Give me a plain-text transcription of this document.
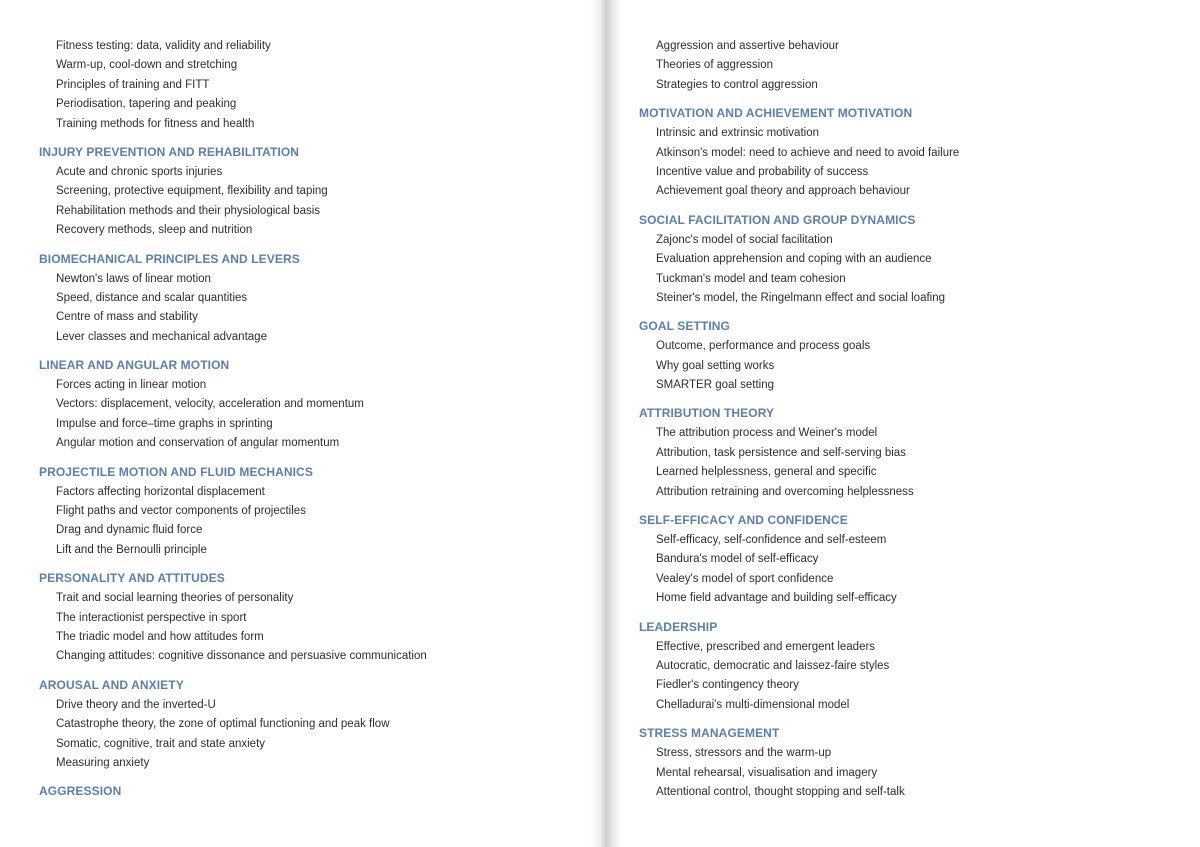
Fitness testing: data, validity and reliability
Warm-up, cool-down and stretching
Principles of training and FITT
Periodisation, tapering and peaking
Training methods for fitness and health
INJURY PREVENTION AND REHABILITATION
Acute and chronic sports injuries
Screening, protective equipment, flexibility and taping
Rehabilitation methods and their physiological basis
Recovery methods, sleep and nutrition
BIOMECHANICAL PRINCIPLES AND LEVERS
Newton's laws of linear motion
Speed, distance and scalar quantities
Centre of mass and stability
Lever classes and mechanical advantage
LINEAR AND ANGULAR MOTION
Forces acting in linear motion
Vectors: displacement, velocity, acceleration and momentum
Impulse and force–time graphs in sprinting
Angular motion and conservation of angular momentum
PROJECTILE MOTION AND FLUID MECHANICS
Factors affecting horizontal displacement
Flight paths and vector components of projectiles
Drag and dynamic fluid force
Lift and the Bernoulli principle
PERSONALITY AND ATTITUDES
Trait and social learning theories of personality
The interactionist perspective in sport
The triadic model and how attitudes form
Changing attitudes: cognitive dissonance and persuasive communication
AROUSAL AND ANXIETY
Drive theory and the inverted-U
Catastrophe theory, the zone of optimal functioning and peak flow
Somatic, cognitive, trait and state anxiety
Measuring anxiety
AGGRESSION
Aggression and assertive behaviour
Theories of aggression
Strategies to control aggression
MOTIVATION AND ACHIEVEMENT MOTIVATION
Intrinsic and extrinsic motivation
Atkinson's model: need to achieve and need to avoid failure
Incentive value and probability of success
Achievement goal theory and approach behaviour
SOCIAL FACILITATION AND GROUP DYNAMICS
Zajonc's model of social facilitation
Evaluation apprehension and coping with an audience
Tuckman's model and team cohesion
Steiner's model, the Ringelmann effect and social loafing
GOAL SETTING
Outcome, performance and process goals
Why goal setting works
SMARTER goal setting
ATTRIBUTION THEORY
The attribution process and Weiner's model
Attribution, task persistence and self-serving bias
Learned helplessness, general and specific
Attribution retraining and overcoming helplessness
SELF-EFFICACY AND CONFIDENCE
Self-efficacy, self-confidence and self-esteem
Bandura's model of self-efficacy
Vealey's model of sport confidence
Home field advantage and building self-efficacy
LEADERSHIP
Effective, prescribed and emergent leaders
Autocratic, democratic and laissez-faire styles
Fiedler's contingency theory
Chelladurai's multi-dimensional model
STRESS MANAGEMENT
Stress, stressors and the warm-up
Mental rehearsal, visualisation and imagery
Attentional control, thought stopping and self-talk
